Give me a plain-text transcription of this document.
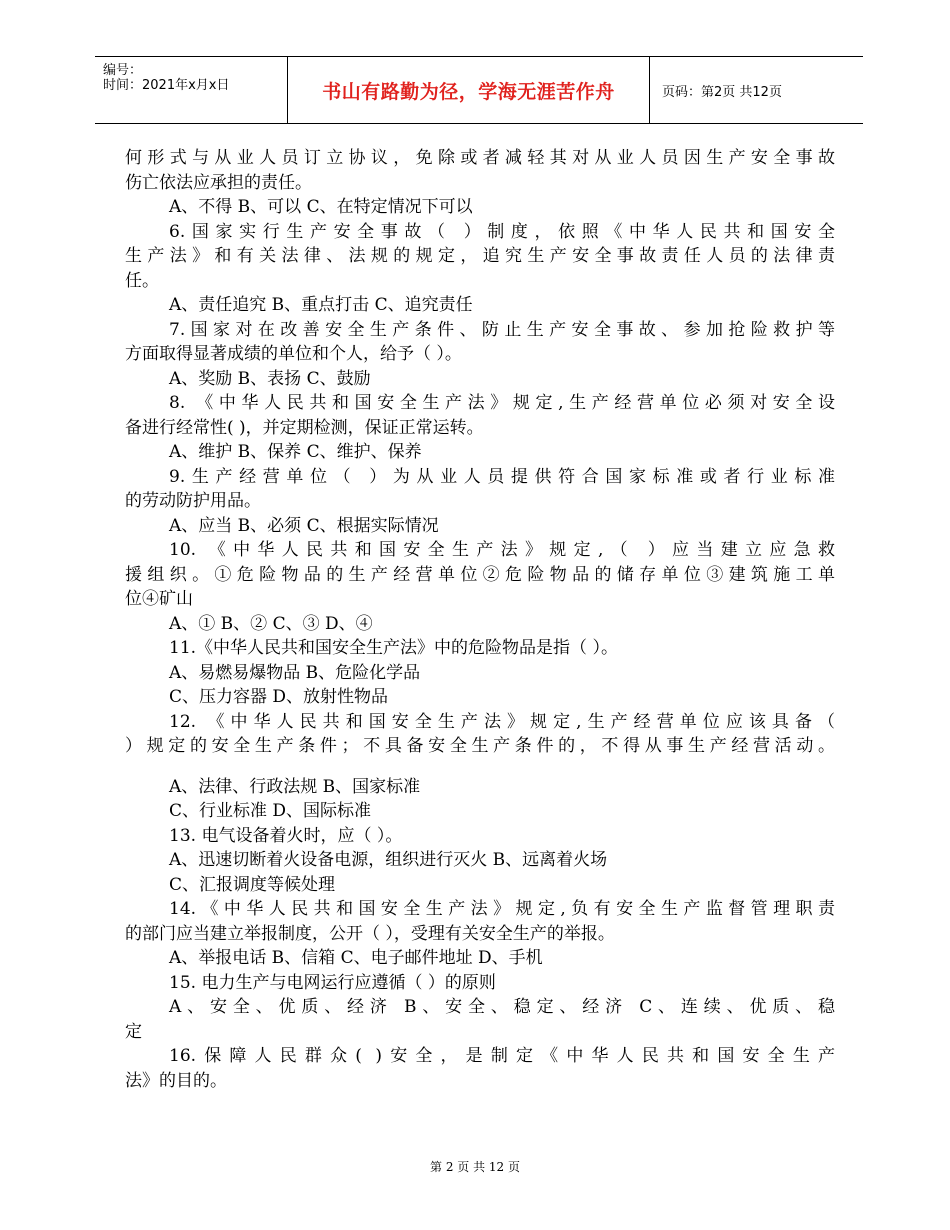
编号：
时间：2021年x月x日	书山有路勤为径，学海无涯苦作舟	页码：第2页 共12页
何形式与从业人员订立协议，免除或者减轻其对从业人员因生产安全事故
伤亡依法应承担的责任。
A、不得 B、可以 C、在特定情况下可以
6.国家实行生产安全事故（ ）制度，依照《中华人民共和国安全
生产法》和有关法律、法规的规定，追究生产安全事故责任人员的法律责
任。
A、责任追究 B、重点打击 C、追究责任
7.国家对在改善安全生产条件、防止生产安全事故、参加抢险救护等
方面取得显著成绩的单位和个人，给予（ ）。
A、奖励 B、表扬 C、鼓励
8. 《中华人民共和国安全生产法》规定,生产经营单位必须对安全设
备进行经常性( )，并定期检测，保证正常运转。
A、维护 B、保养 C、维护、保养
9.生产经营单位（ ）为从业人员提供符合国家标准或者行业标准
的劳动防护用品。
A、应当 B、必须 C、根据实际情况
10. 《中华人民共和国安全生产法》规定,（ ）应当建立应急救
援组织。①危险物品的生产经营单位②危险物品的储存单位③建筑施工单
位④矿山
A、① B、② C、③ D、④
11.《中华人民共和国安全生产法》中的危险物品是指（ ）。
A、易燃易爆物品 B、危险化学品
C、压力容器 D、放射性物品
12. 《中华人民共和国安全生产法》规定,生产经营单位应该具备（
）规定的安全生产条件；不具备安全生产条件的，不得从事生产经营活动。
A、法律、行政法规 B、国家标准
C、行业标准 D、国际标准
13. 电气设备着火时，应（ ）。
A、迅速切断着火设备电源，组织进行灭火 B、远离着火场
C、汇报调度等候处理
14.《中华人民共和国安全生产法》规定,负有安全生产监督管理职责
的部门应当建立举报制度，公开（ ），受理有关安全生产的举报。
A、举报电话 B、信箱 C、电子邮件地址 D、手机
15. 电力生产与电网运行应遵循（ ）的原则
A、安全、优质、经济 B、安全、稳定、经济 C、连续、优质、稳
定
16.保障人民群众( )安全，是制定《中华人民共和国安全生产
法》的目的。
第 2 页 共 12 页
